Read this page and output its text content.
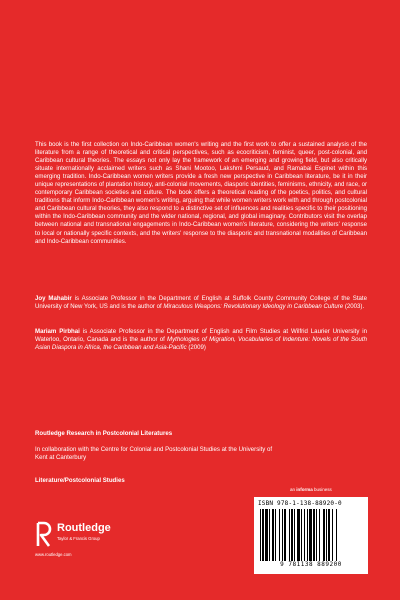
This book is the first collection on Indo-Caribbean women's writing and the first work to offer a sustained analysis of the literature from a range of theoretical and critical perspectives, such as ecocriticism, feminist, queer, post-colonial, and Caribbean cultural theories. The essays not only lay the framework of an emerging and growing field, but also critically situate internationally acclaimed writers such as Shani Mootoo, Lakshmi Persaud, and Ramabai Espinet within this emerging tradition. Indo-Caribbean women writers provide a fresh new perspective in Caribbean literature, be it in their unique representations of plantation history, anti-colonial movements, diasporic identities, feminisms, ethnicity, and race, or contemporary Caribbean societies and culture. The book offers a theoretical reading of the poetics, politics, and cultural traditions that inform Indo-Caribbean women's writing, arguing that while women writers work with and through postcolonial and Caribbean cultural theories, they also respond to a distinctive set of influences and realities specific to their positioning within the Indo-Caribbean community and the wider national, regional, and global imaginary. Contributors visit the overlap between national and transnational engagements in Indo-Caribbean women's literature, considering the writers' response to local or nationally specific contexts, and the writers' response to the diasporic and transnational modalities of Caribbean and Indo-Caribbean communities.
Joy Mahabir is Associate Professor in the Department of English at Suffolk County Community College of the State University of New York, US and is the author of Miraculous Weapons: Revolutionary Ideology in Caribbean Culture (2003).
Mariam Pirbhai is Associate Professor in the Department of English and Film Studies at Wilfrid Laurier University in Waterloo, Ontario, Canada and is the author of Mythologies of Migration, Vocabularies of Indenture: Novels of the South Asian Diaspora in Africa, the Caribbean and Asia-Pacific (2009)
Routledge Research in Postcolonial Literatures
In collaboration with the Centre for Colonial and Postcolonial Studies at the University of Kent at Canterbury
Literature/Postcolonial Studies
Routledge
Taylor & Francis Group
www.routledge.com
an informa business
ISBN 978-1-138-88920-0
9 781138 889200
